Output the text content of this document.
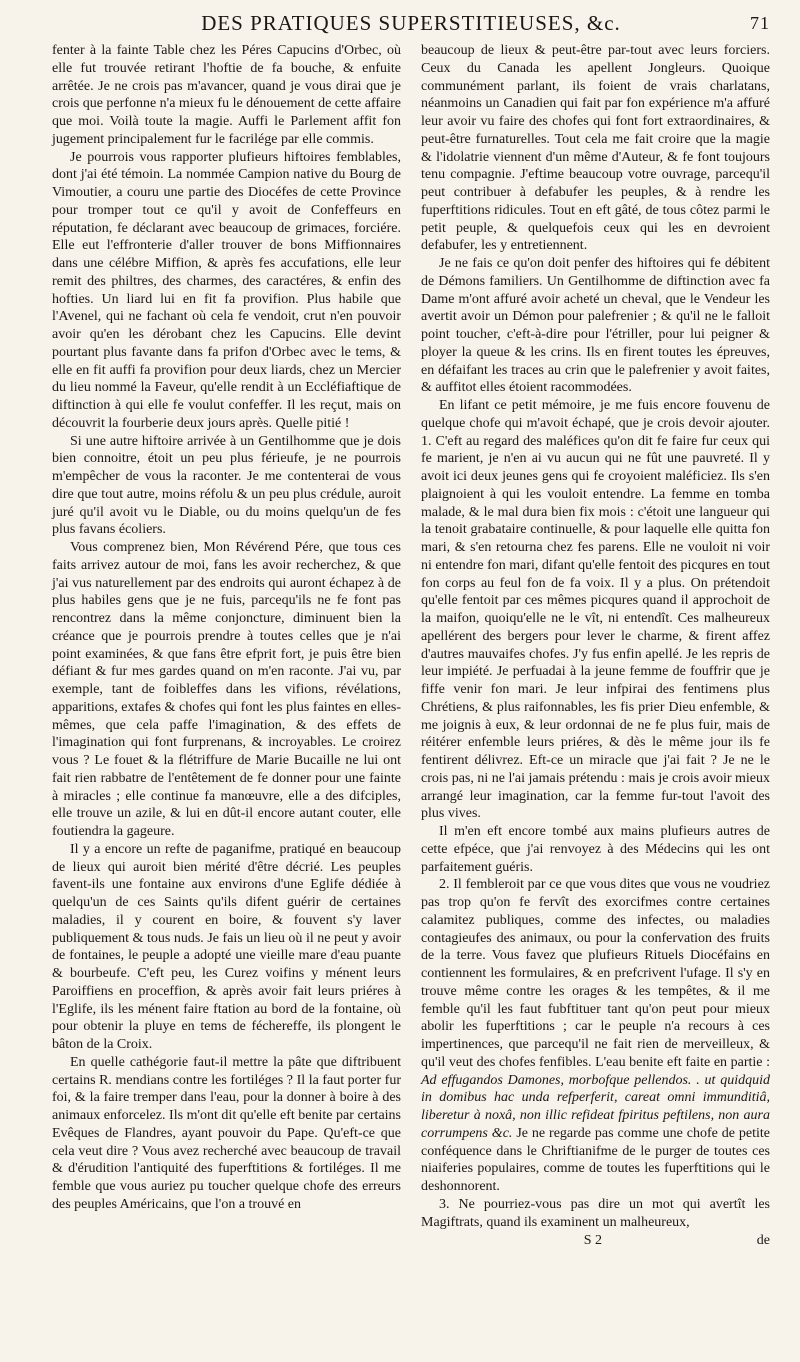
DES PRATIQUES SUPERSTITIEUSES, &c.	71

fenter à la fainte Table chez les Péres Capucins d'Orbec, où elle fut trouvée retirant l'hoftie de fa bouche, & enfuite arrêtée. Je ne crois pas m'avancer, quand je vous dirai que je crois que perfonne n'a mieux fu le dénouement de cette affaire que moi. Voilà toute la magie. Auffi le Parlement affit fon jugement principalement fur le facrilége par elle commis.

Je pourrois vous rapporter plufieurs hiftoires femblables, dont j'ai été témoin. La nommée Campion native du Bourg de Vimoutier, a couru une partie des Diocéfes de cette Province pour tromper tout ce qu'il y avoit de Confeffeurs en réputation, fe déclarant avec beaucoup de grimaces, forciére. Elle eut l'effronterie d'aller trouver de bons Miffionnaires dans une célébre Miffion, & après fes accufations, elle leur remit des philtres, des charmes, des caractéres, & enfin des hofties. Un liard lui en fit fa provifion. Plus habile que l'Avenel, qui ne fachant où cela fe vendoit, crut n'en pouvoir avoir qu'en les dérobant chez les Capucins. Elle devint pourtant plus favante dans fa prifon d'Orbec avec le tems, & elle en fit auffi fa provifion pour deux liards, chez un Mercier du lieu nommé la Faveur, qu'elle rendit à un Eccléfiaftique de diftinction à qui elle fe voulut confeffer. Il les reçut, mais on découvrit la fourberie deux jours après. Quelle pitié !

Si une autre hiftoire arrivée à un Gentilhomme que je dois bien connoitre, étoit un peu plus férieufe, je ne pourrois m'empêcher de vous la raconter. Je me contenterai de vous dire que tout autre, moins réfolu & un peu plus crédule, auroit juré qu'il avoit vu le Diable, ou du moins quelqu'un de fes plus favans écoliers.

Vous comprenez bien, Mon Révérend Pére, que tous ces faits arrivez autour de moi, fans les avoir recherchez, & que j'ai vus naturellement par des endroits qui auront échapez à de plus habiles gens que je ne fuis, parcequ'ils ne fe font pas rencontrez dans la même conjoncture, diminuent bien la créance que je pourrois prendre à toutes celles que je n'ai point examinées, & que fans être efprit fort, je puis être bien défiant & fur mes gardes quand on m'en raconte. J'ai vu, par exemple, tant de foibleffes dans les vifions, révélations, apparitions, extafes & chofes qui font les plus faintes en elles-mêmes, que cela paffe l'imagination, & des effets de l'imagination qui font furprenans, & incroyables. Le croirez vous ? Le fouet & la flétriffure de Marie Bucaille ne lui ont fait rien rabbatre de l'entêtement de fe donner pour une fainte à miracles ; elle continue fa manœuvre, elle a des difciples, elle trouve un azile, & lui en dût-il encore autant couter, elle foutiendra la gageure.

Il y a encore un refte de paganifme, pratiqué en beaucoup de lieux qui auroit bien mérité d'être décrié. Les peuples favent-ils une fontaine aux environs d'une Eglife dédiée à quelqu'un de ces Saints qu'ils difent guérir de certaines maladies, il y courent en boire, & fouvent s'y laver publiquement & tous nuds. Je fais un lieu où il ne peut y avoir de fontaines, le peuple a adopté une vieille mare d'eau puante & bourbeufe. C'eft peu, les Curez voifins y ménent leurs Paroiffiens en proceffion, & après avoir fait leurs priéres à l'Eglife, ils les ménent faire ftation au bord de la fontaine, où pour obtenir la pluye en tems de féchereffe, ils plongent le bâton de la Croix.

En quelle cathégorie faut-il mettre la pâte que diftribuent certains R. mendians contre les fortiléges ? Il la faut porter fur foi, & la faire tremper dans l'eau, pour la donner à boire à des animaux enforcelez. Ils m'ont dit qu'elle eft benite par certains Evêques de Flandres, ayant pouvoir du Pape. Qu'eft-ce que cela veut dire ? Vous avez recherché avec beaucoup de travail & d'érudition l'antiquité des fuperftitions & fortiléges. Il me femble que vous auriez pu toucher quelque chofe des erreurs des peuples Américains, que l'on a trouvé en

beaucoup de lieux & peut-être par-tout avec leurs forciers. Ceux du Canada les apellent Jongleurs. Quoique communément parlant, ils foient de vrais charlatans, néanmoins un Canadien qui fait par fon expérience m'a affuré leur avoir vu faire des chofes qui font fort extraordinaires, & peut-être furnaturelles. Tout cela me fait croire que la magie & l'idolatrie viennent d'un même d'Auteur, & fe font toujours tenu compagnie. J'eftime beaucoup votre ouvrage, parcequ'il peut contribuer à defabufer les peuples, & à rendre les fuperftitions ridicules. Tout en eft gâté, de tous côtez parmi le petit peuple, & quelquefois ceux qui les en devroient defabufer, les y entretiennent.

Je ne fais ce qu'on doit penfer des hiftoires qui fe débitent de Démons familiers. Un Gentilhomme de diftinction avec fa Dame m'ont affuré avoir acheté un cheval, que le Vendeur les avertit avoir un Démon pour palefrenier ; & qu'il ne le falloit point toucher, c'eft-à-dire pour l'étriller, pour lui peigner & ployer la queue & les crins. Ils en firent toutes les épreuves, en défaifant les traces au crin que le palefrenier y avoit faites, & auffitot elles étoient racommodées.

En lifant ce petit mémoire, je me fuis encore fouvenu de quelque chofe qui m'avoit échapé, que je crois devoir ajouter. 1. C'eft au regard des maléfices qu'on dit fe faire fur ceux qui fe marient, je n'en ai vu aucun qui ne fût une pauvreté. Il y avoit ici deux jeunes gens qui fe croyoient maléficiez. Ils s'en plaignoient à qui les vouloit entendre. La femme en tomba malade, & le mal dura bien fix mois : c'étoit une langueur qui la tenoit grabataire continuelle, & pour laquelle elle quitta fon mari, & s'en retourna chez fes parens. Elle ne vouloit ni voir ni entendre fon mari, difant qu'elle fentoit des picqures en tout fon corps au feul fon de fa voix. Il y a plus. On prétendoit qu'elle fentoit par ces mêmes picqures quand il approchoit de la maifon, quoiqu'elle ne le vît, ni entendît. Ces malheureux apellérent des bergers pour lever le charme, & firent affez d'autres mauvaifes chofes. J'y fus enfin apellé. Je les repris de leur impiété. Je perfuadai à la jeune femme de fouffrir que je fiffe venir fon mari. Je leur infpirai des fentimens plus Chrétiens, & plus raifonnables, les fis prier Dieu enfemble, & me joignis à eux, & leur ordonnai de ne fe plus fuir, mais de réitérer enfemble leurs priéres, & dès le même jour ils fe fentirent délivrez. Eft-ce un miracle que j'ai fait ? Je ne le crois pas, ni ne l'ai jamais prétendu : mais je crois avoir mieux arrangé leur imagination, car la femme fur-tout l'avoit des plus vives.

Il m'en eft encore tombé aux mains plufieurs autres de cette efpéce, que j'ai renvoyez à des Médecins qui les ont parfaitement guéris.

2. Il fembleroit par ce que vous dites que vous ne voudriez pas trop qu'on fe fervît des exorcifmes contre certaines calamitez publiques, comme des infectes, ou maladies contagieufes des animaux, ou pour la confervation des fruits de la terre. Vous favez que plufieurs Rituels Diocéfains en contiennent les formulaires, & en prefcrivent l'ufage. Il s'y en trouve même contre les orages & les tempêtes, & il me femble qu'il les faut fubftituer tant qu'on peut pour mieux abolir les fuperftitions ; car le peuple n'a recours à ces impertinences, que parcequ'il ne fait rien de merveilleux, & qu'il veut des chofes fenfibles. L'eau benite eft faite en partie : Ad effugandos Damones, morbofque pellendos. . ut quidquid in domibus hac unda refperferit, careat omni immunditiâ, liberetur à noxâ, non illic refideat fpiritus peftilens, non aura corrumpens &c. Je ne regarde pas comme une chofe de petite conféquence dans le Chriftianifme de le purger de toutes ces niaiferies populaires, comme de toutes les fuperftitions qui le deshonnorent.

3. Ne pourriez-vous pas dire un mot qui avertît les Magiftrats, quand ils examinent un malheureux,

S 2	de
